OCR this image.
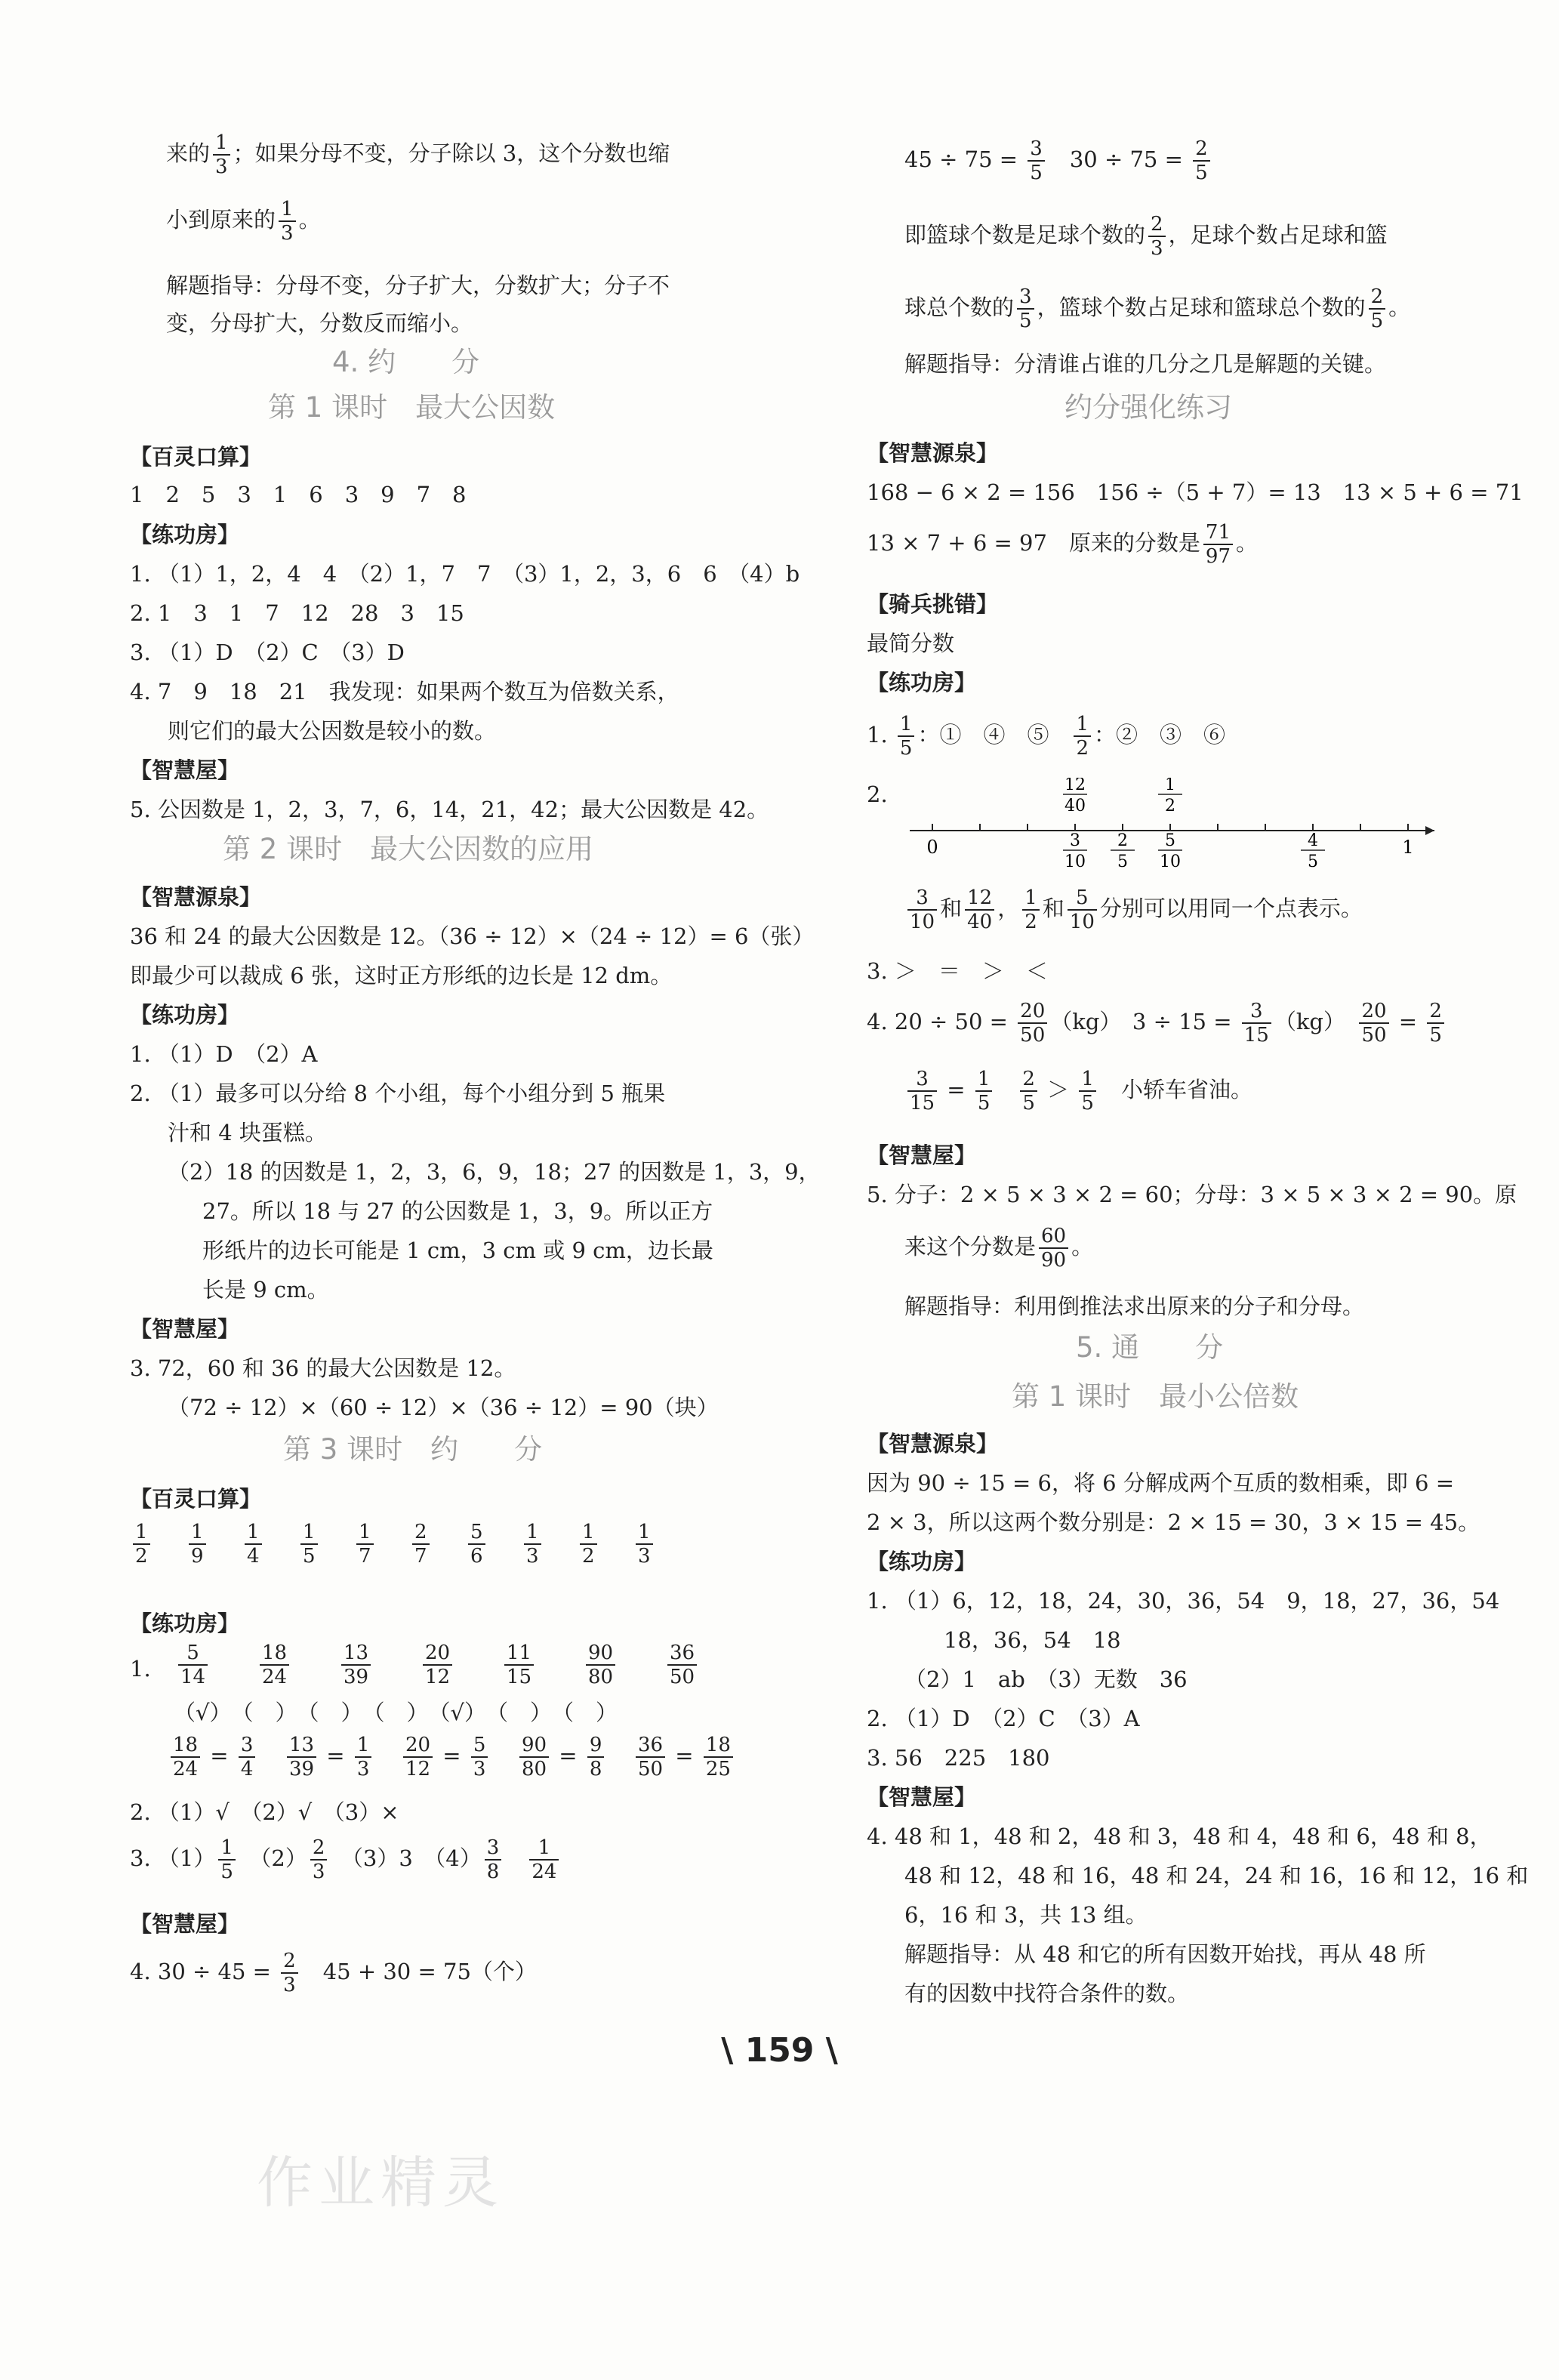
来的 $\frac{1}{3}$ ；如果分母不变，分子除以 3，这个分数也缩
小到原来的 $\frac{1}{3}$ 。
解题指导：分母不变，分子扩大，分数扩大；分子不
变，分母扩大，分数反而缩小。
4. 约　　分
第 1 课时　最大公因数
【百灵口算】
1　2　5　3　1　6　3　9　7　8
【练功房】
1. （1）1，2，4　4　（2）1，7　7　（3）1，2，3，6　6　（4）b
2. 1　3　1　7　12　28　3　15
3. （1）D　（2）C　（3）D
4. 7　9　18　21　我发现：如果两个数互为倍数关系，
则它们的最大公因数是较小的数。
【智慧屋】
5. 公因数是 1，2，3，7，6，14，21，42；最大公因数是 42。
第 2 课时　最大公因数的应用
【智慧源泉】
36 和 24 的最大公因数是 12。（36 ÷ 12）×（24 ÷ 12）= 6（张）
即最少可以裁成 6 张，这时正方形纸的边长是 12 dm。
【练功房】
1. （1）D　（2）A
2. （1）最多可以分给 8 个小组，每个小组分到 5 瓶果
汁和 4 块蛋糕。
（2）18 的因数是 1，2，3，6，9，18；27 的因数是 1，3，9，
27。所以 18 与 27 的公因数是 1，3，9。所以正方
形纸片的边长可能是 1 cm，3 cm 或 9 cm，边长最
长是 9 cm。
【智慧屋】
3. 72，60 和 36 的最大公因数是 12。
（72 ÷ 12）×（60 ÷ 12）×（36 ÷ 12）= 90（块）
第 3 课时　约　　分
【百灵口算】
$\frac{1}{2} \frac{1}{9} \frac{1}{4} \frac{1}{5} \frac{1}{7} \frac{2}{7} \frac{5}{6} \frac{1}{3} \frac{1}{2} \frac{1}{3}$
【练功房】
1. $\frac{5}{14}$	$\frac{18}{24}$	$\frac{13}{39}$	$\frac{20}{12}$	$\frac{11}{15}$	$\frac{90}{80}$	$\frac{36}{50}$
（√）　（　）　（　）　（　）　（√）　（　）　（　）
$\frac{18}{24} = \frac{3}{4} \frac{13}{39} = \frac{1}{3} \frac{20}{12} = \frac{5}{3} \frac{90}{80} = \frac{9}{8} \frac{36}{50} = \frac{18}{25}$
2. （1）√　（2）√　（3）×
3. $(1) \frac{1}{5}$ 　$(2) \frac{2}{3}$ 　（3）3　$(4) \frac{3}{8}$
　 $\frac{1}{24}$
【智慧屋】
4. $30 \div 45 = \frac{2}{3}$ 　45 + 30 = 75（个）
$45 \div 75 = \frac{3}{5}$ 　$30 \div 75 = \frac{2}{5}$
即篮球个数是足球个数的 $\frac{2}{3}$ ，足球个数占足球和篮
球总个数的 $\frac{3}{5}$ ，篮球个数占足球和篮球总个数的 $\frac{2}{5}$ 。
解题指导：分清谁占谁的几分之几是解题的关键。
约分强化练习
【智慧源泉】
168 − 6 × 2 = 156　156 ÷（5 + 7）= 13　13 × 5 + 6 = 71
13 × 7 + 6 = 97　原来的分数是 $\frac{71}{97}$ 。
【骑兵挑错】
最简分数
【练功房】
1. $\frac{1}{5}$ ：①　④　⑤　 $\frac{1}{2}$ ：②　③　⑥
2.
$\frac{3}{10}$ 和 $\frac{12}{40}$ ， $\frac{1}{2}$ 和 $\frac{5}{10}$ 分别可以用同一个点表示。
3. ＞　＝　＞　＜
4. $20 \div 50 = \frac{20}{50} (kg)$　$3 \div 15 = \frac{3}{15} (kg)$　 $\frac{20}{50} = \frac{2}{5}$
$\frac{3}{15} = \frac{1}{5}$
　 $\frac{2}{5} > \frac{1}{5}$ 　小轿车省油。
【智慧屋】
5. 分子：2 × 5 × 3 × 2 = 60；分母：3 × 5 × 3 × 2 = 90。原
来这个分数是 $\frac{60}{90}$ 。
解题指导：利用倒推法求出原来的分子和分母。
5. 通　　分
第 1 课时　最小公倍数
【智慧源泉】
因为 90 ÷ 15 = 6，将 6 分解成两个互质的数相乘，即 6 =
2 × 3，所以这两个数分别是：2 × 15 = 30，3 × 15 = 45。
【练功房】
1. （1）6，12，18，24，30，36，54　9，18，27，36，54
18，36，54　18
（2）1　ab　（3）无数　36
2. （1）D　（2）C　（3）A
3. 56　225　180
【智慧屋】
4. 48 和 1，48 和 2，48 和 3，48 和 4，48 和 6，48 和 8，
48 和 12，48 和 16，48 和 24，24 和 16，16 和 12，16 和
6，16 和 3，共 13 组。
解题指导：从 48 和它的所有因数开始找，再从 48 所
有的因数中找符合条件的数。
0	1
12
40
1
2
3
10
2
5
5
10
4
5
\ 159 \
作业精灵
